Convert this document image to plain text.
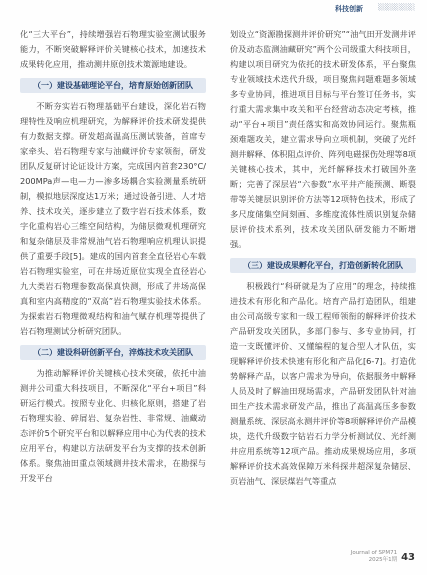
科技创新	░░░░░░░░

化“三大平台”，持续增强岩石物理实验室测试服务能力，不断突破解释评价关键核心技术，加速技术成果转化应用，推动测井原创技术策源地建设。

（一）建设基础理论平台，培育原始创新团队

不断夯实岩石物理基础平台建设，深化岩石物理特性及响应机理研究，为解释评价技术研发提供有力数据支撑。研发超高温高压测试装备，首席专家牵头、岩石物理专家与油藏评价专家领衔，研发团队反复研讨论证设计方案，完成国内首套230°C/200MPa声—电—力—渗多场耦合实验测量系统研制，模拟地层深度达1万米；通过设备引进、人才培养、技术攻关，逐步建立了数字岩石技术体系，数字化重构岩心三维空间结构，为储层微观机理研究和复杂储层及非常规油气岩石物理响应机理认识提供了重要手段[5]。建成的国内首套全直径岩心车载岩石物理实验室，可在井场近原位实现全直径岩心九大类岩石物理参数高保真快测，形成了井场高保真和室内高精度的“双高”岩石物理实验技术体系。为探索岩石物理微观结构和油气赋存机理等提供了岩石物理测试分析研究团队。

（二）建设科研创新平台，淬炼技术攻关团队

为推动解释评价关键核心技术突破，依托中油测井公司重大科技项目，不断深化“平台+项目”科研运行模式。按照专业化、归核化原则，搭建了岩石物理实验、碎屑岩、复杂岩性、非常规、油藏动态评价5个研究平台和以解释应用中心为代表的技术应用平台，构建以方法研发平台为支撑的技术创新体系。聚焦油田重点领域测井技术需求，在勘探与开发平台

划设立“资源勘探测井评价研究”“油气田开发测井评价及动态监测油藏研究”两个公司级重大科技项目，构建以项目研究为依托的技术研发体系，平台聚焦专业领域技术迭代升级，项目聚焦问题难题多领域多专业协同，推进项目目标与平台签订任务书，实行重大需求集中攻关和平台经营动态决定考核，推动“平台+项目”责任落实和高效协同运行。聚焦瓶颈难题攻关，建立需求导向立项机制，突破了光纤测井解释、体积阻点评价、阵列电磁探伤处理等8项关键核心技术，其中，光纤解释技术打破国外垄断；完善了深层岩“六参数”水平井产能预测、断裂带等关键层识别评价方法等12项特色技术，形成了多尺度储集空间刻画、多维度流体性质识别复杂储层评价技术系列，技术攻关团队研发能力不断增强。

（三）建设成果孵化平台，打造创新转化团队

积极践行“科研就是为了应用”的理念，持续推进技术有形化和产品化。培育产品打造团队，组建由公司高级专家和一级工程师领衔的解释评价技术产品研发攻关团队，多部门参与、多专业协同，打造一支既懂评价、又懂编程的复合型人才队伍，实现解释评价技术快速有形化和产品化[6-7]。打造优势解释产品，以客户需求为导向，依据服务中解释人员及时了解油田现场需求，产品研发团队针对油田生产技术需求研发产品，推出了高温高压多参数测量系统、深层高永测井评价等8项解释评价产品模块，迭代升级数字钻岩石力学分析测试仪、光纤测井应用系统等12项产品。推动成果规场应用，多项解释评价技术高效保障万米科探井超深复杂储层、页岩油气、深层煤岩气等重点

Journal of SPM71
2025年1期 43
